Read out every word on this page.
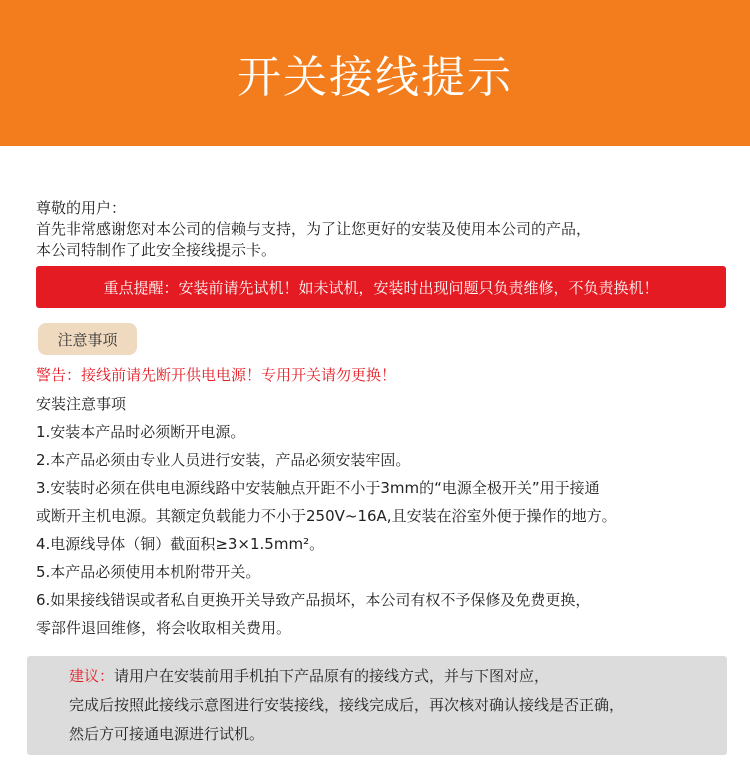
开关接线提示
尊敬的用户：
首先非常感谢您对本公司的信赖与支持，为了让您更好的安装及使用本公司的产品，
本公司特制作了此安全接线提示卡。
重点提醒：安装前请先试机！如未试机，安装时出现问题只负责维修，不负责换机！
注意事项
警告：接线前请先断开供电电源！专用开关请勿更换！
安装注意事项
1.安装本产品时必须断开电源。
2.本产品必须由专业人员进行安装，产品必须安装牢固。
3.安装时必须在供电电源线路中安装触点开距不小于3mm的“电源全极开关”用于接通
或断开主机电源。其额定负载能力不小于250V~16A,且安装在浴室外便于操作的地方。
4.电源线导体（铜）截面积≥3×1.5mm²。
5.本产品必须使用本机附带开关。
6.如果接线错误或者私自更换开关导致产品损坏，本公司有权不予保修及免费更换，
零部件退回维修，将会收取相关费用。
建议：请用户在安装前用手机拍下产品原有的接线方式，并与下图对应，
完成后按照此接线示意图进行安装接线，接线完成后，再次核对确认接线是否正确，
然后方可接通电源进行试机。
